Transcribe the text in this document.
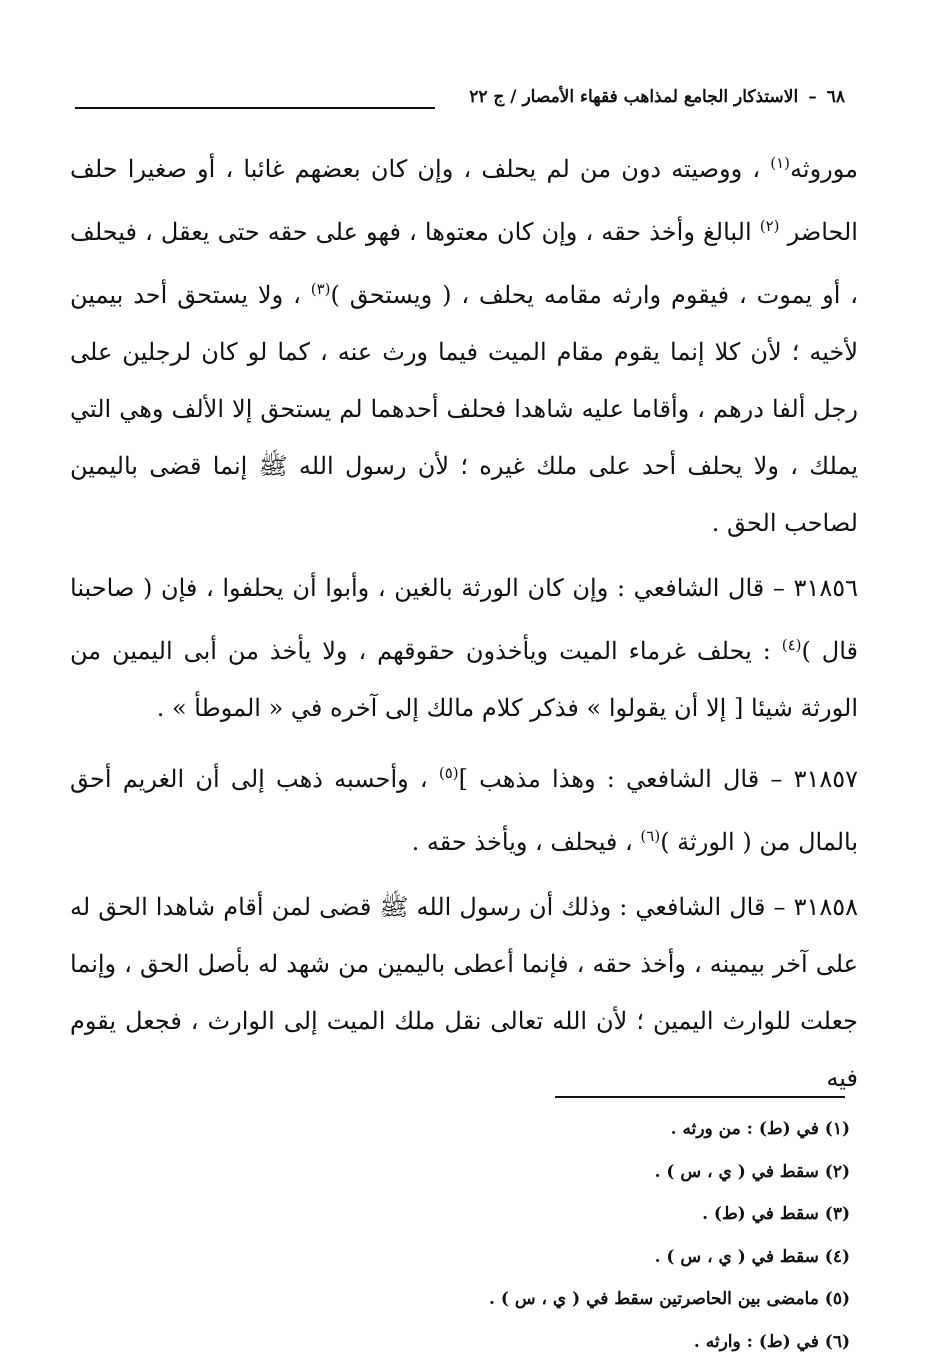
٦٨
–
الاستذكار الجامع لمذاهب فقهاء الأمصار / ج ٢٢

موروثه$^{(١)}$ ، ووصيته دون من لم يحلف ، وإن كان بعضهم غائبا ، أو صغيرا حلف الحاضر $^{(٢)}$ البالغ وأخذ حقه ، وإن كان معتوها ، فهو على حقه حتى يعقل ، فيحلف ، أو يموت ، فيقوم وارثه مقامه يحلف ، ( ويستحق )$^{(٣)}$ ، ولا يستحق أحد بيمين لأخيه ؛ لأن كلا إنما يقوم مقام الميت فيما ورث عنه ، كما لو كان لرجلين على رجل ألفا درهم ، وأقاما عليه شاهدا فحلف أحدهما لم يستحق إلا الألف وهي التي يملك ، ولا يحلف أحد على ملك غيره ؛ لأن رسول الله ﷺ إنما قضى باليمين لصاحب الحق .

٣١٨٥٦ – قال الشافعي : وإن كان الورثة بالغين ، وأبوا أن يحلفوا ، فإن ( صاحبنا قال )$^{(٤)}$ : يحلف غرماء الميت ويأخذون حقوقهم ، ولا يأخذ من أبى اليمين من الورثة شيئا [ إلا أن يقولوا » فذكر كلام مالك إلى آخره في « الموطأ » .

٣١٨٥٧ – قال الشافعي : وهذا مذهب ]$^{(٥)}$ ، وأحسبه ذهب إلى أن الغريم أحق بالمال من ( الورثة )$^{(٦)}$ ، فيحلف ، ويأخذ حقه .

٣١٨٥٨ – قال الشافعي : وذلك أن رسول الله ﷺ قضى لمن أقام شاهدا الحق له على آخر بيمينه ، وأخذ حقه ، فإنما أعطى باليمين من شهد له بأصل الحق ، وإنما جعلت للوارث اليمين ؛ لأن الله تعالى نقل ملك الميت إلى الوارث ، فجعل يقوم فيه

(١) في (ط) : من ورثه .
(٢) سقط في ( ي ، س ) .
(٣) سقط في (ط) .
(٤) سقط في ( ي ، س ) .
(٥) مامضى بين الحاصرتين سقط في ( ي ، س ) .
(٦) في (ط) : وارثه .
